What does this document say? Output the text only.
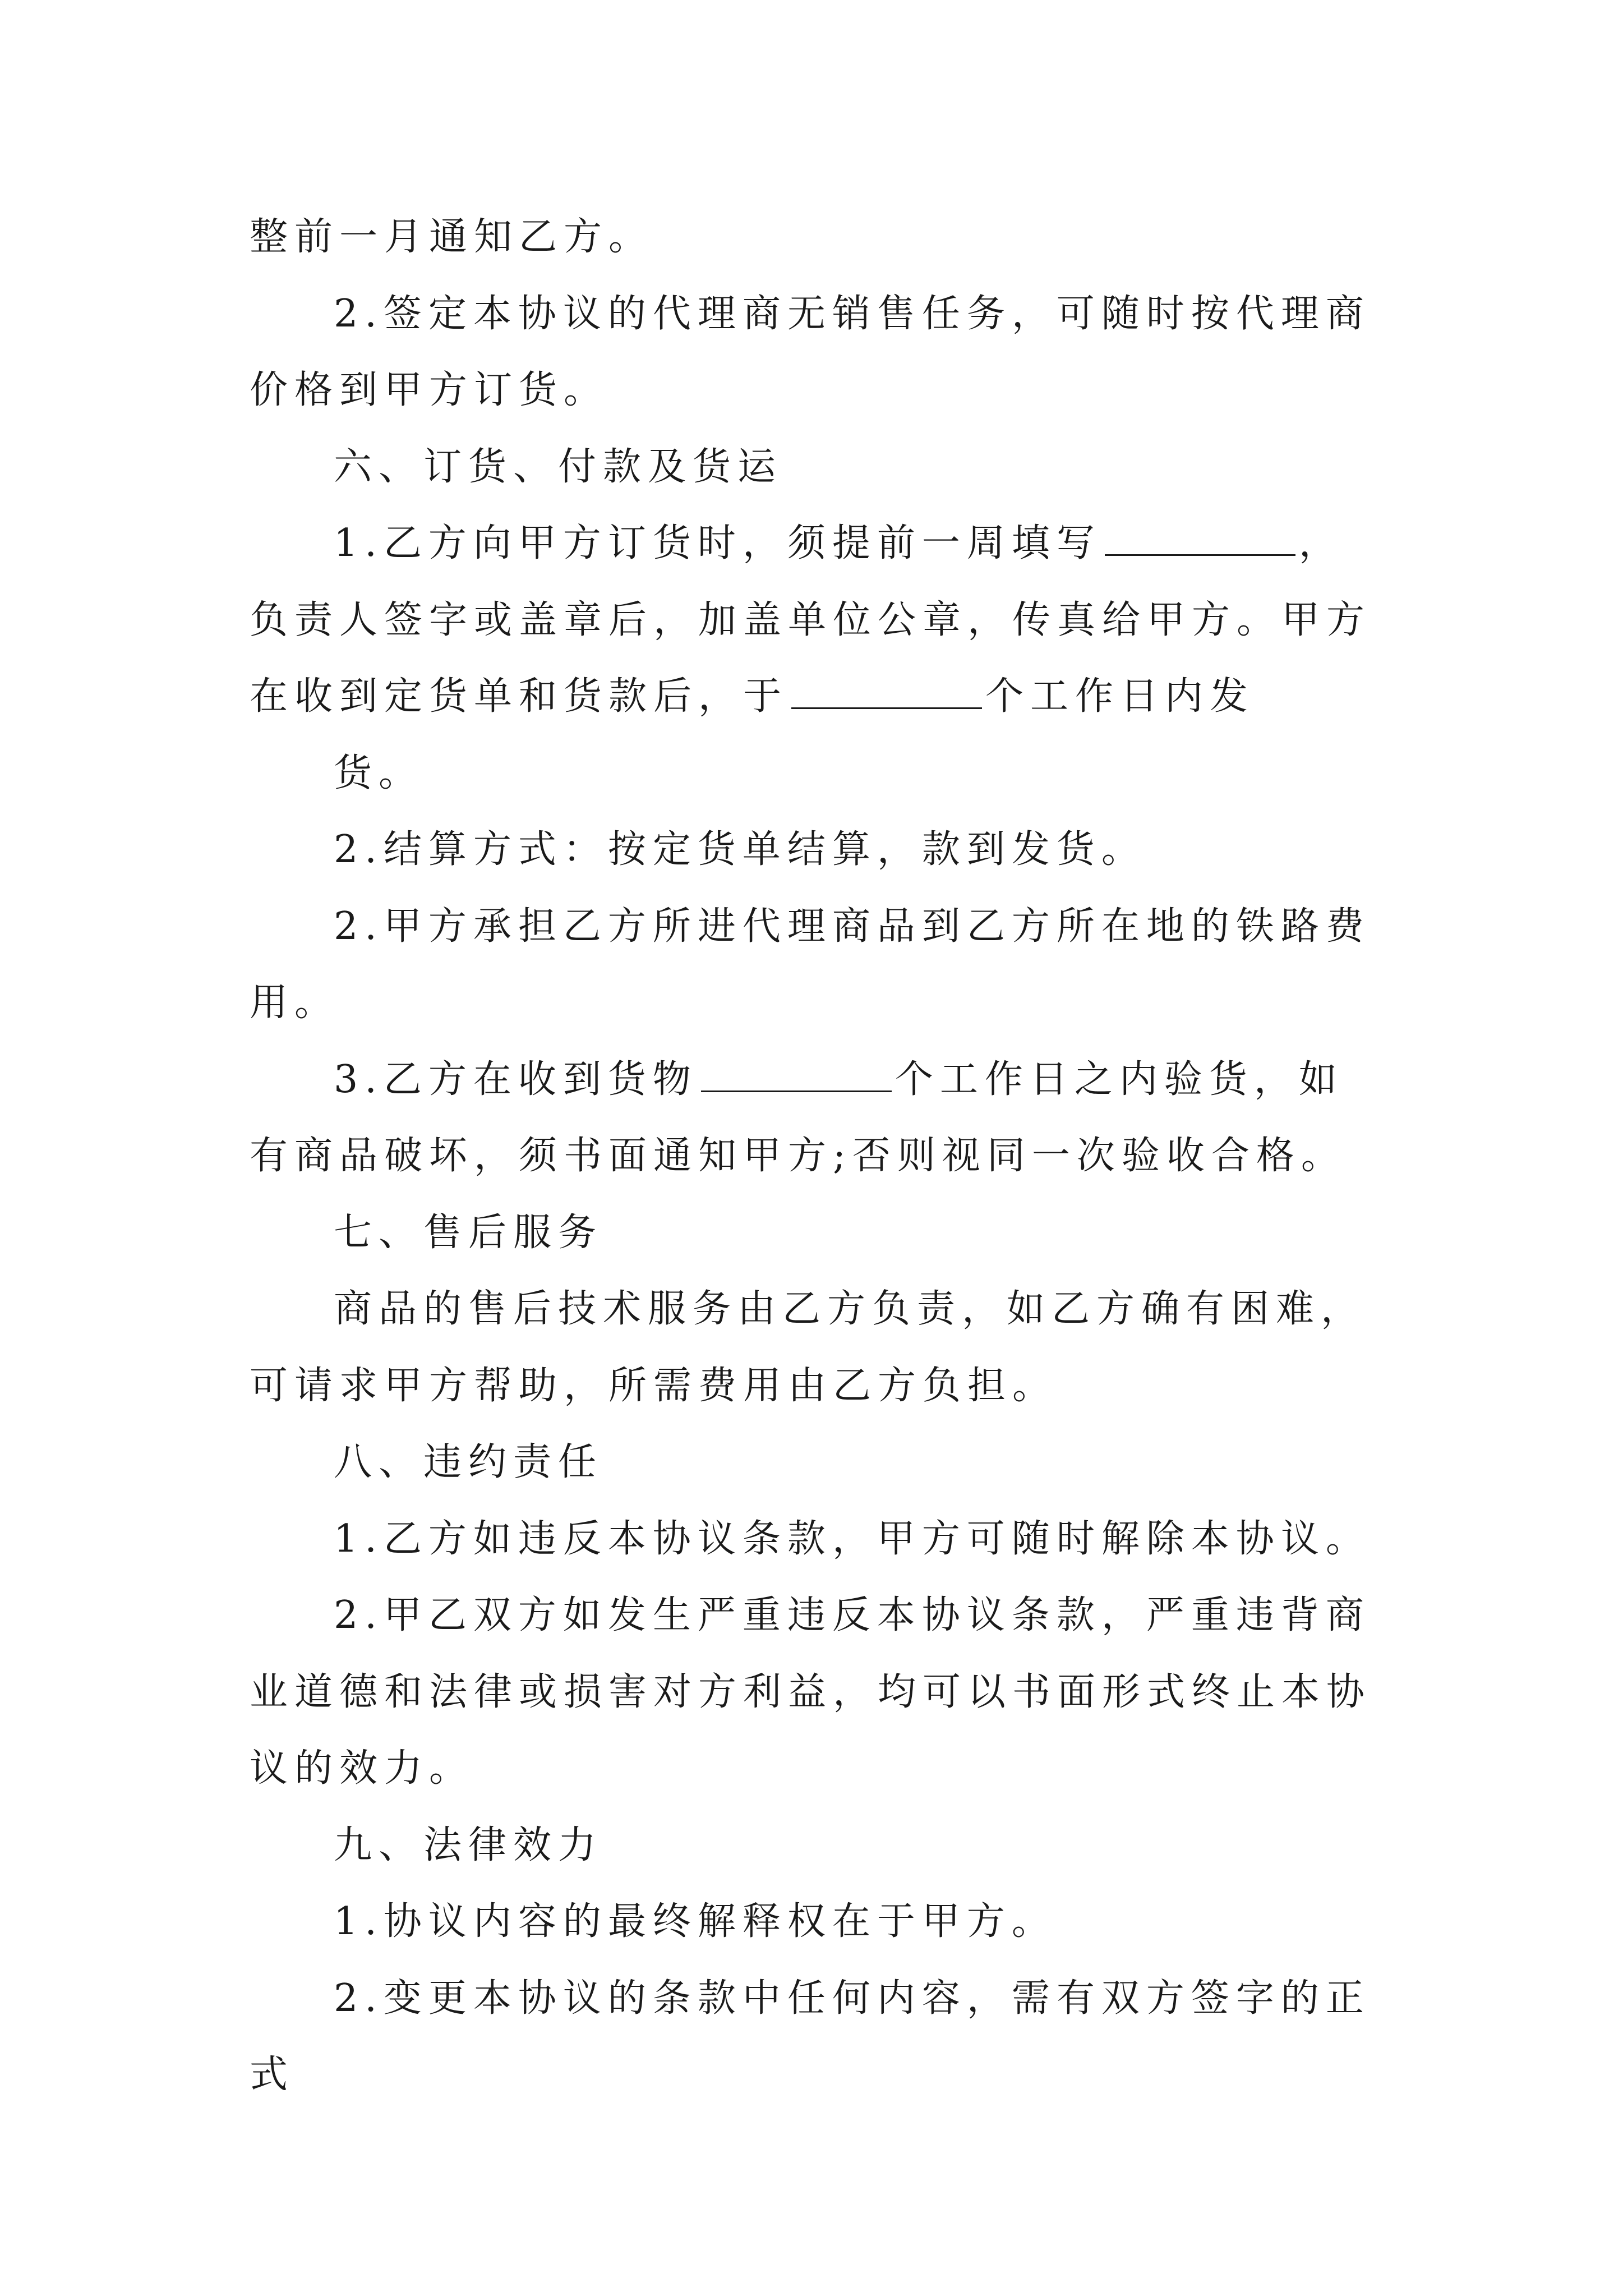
整前一月通知乙方。

2.签定本协议的代理商无销售任务，可随时按代理商价格到甲方订货。

六、订货、付款及货运

1.乙方向甲方订货时，须提前一周填写	，负责人签字或盖章后，加盖单位公章，传真给甲方。甲方在收到定货单和货款后，于	个工作日内发

货。

2.结算方式：按定货单结算，款到发货。

2.甲方承担乙方所进代理商品到乙方所在地的铁路费用。

3.乙方在收到货物	个工作日之内验货，如有商品破坏，须书面通知甲方;否则视同一次验收合格。

七、售后服务

商品的售后技术服务由乙方负责，如乙方确有困难，可请求甲方帮助，所需费用由乙方负担。

八、违约责任

1.乙方如违反本协议条款，甲方可随时解除本协议。

2.甲乙双方如发生严重违反本协议条款，严重违背商业道德和法律或损害对方利益，均可以书面形式终止本协议的效力。

九、法律效力

1.协议内容的最终解释权在于甲方。

2.变更本协议的条款中任何内容，需有双方签字的正式
